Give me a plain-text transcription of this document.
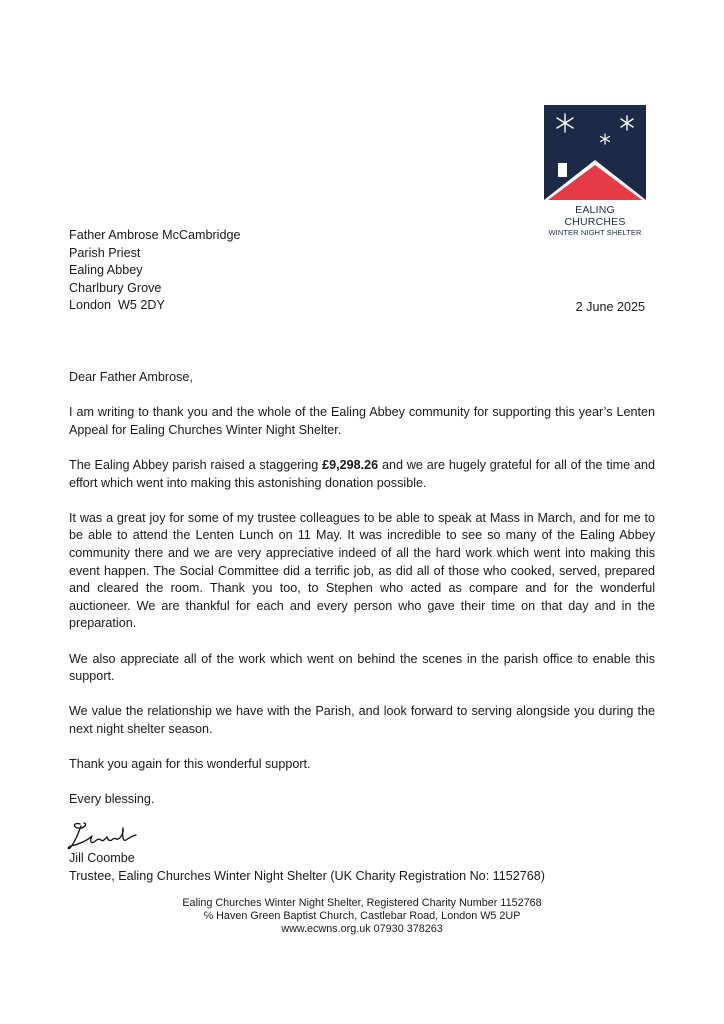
EALING CHURCHES
WINTER NIGHT SHELTER
Father Ambrose McCambridge
Parish Priest
Ealing Abbey
Charlbury Grove
London  W5 2DY	2 June 2025

Dear Father Ambrose,

I am writing to thank you and the whole of the Ealing Abbey community for supporting this year’s Lenten Appeal for Ealing Churches Winter Night Shelter.

The Ealing Abbey parish raised a staggering £9,298.26 and we are hugely grateful for all of the time and effort which went into making this astonishing donation possible.

It was a great joy for some of my trustee colleagues to be able to speak at Mass in March, and for me to be able to attend the Lenten Lunch on 11 May. It was incredible to see so many of the Ealing Abbey community there and we are very appreciative indeed of all the hard work which went into making this event happen. The Social Committee did a terrific job, as did all of those who cooked, served, prepared and cleared the room. Thank you too, to Stephen who acted as compare and for the wonderful auctioneer. We are thankful for each and every person who gave their time on that day and in the preparation.

We also appreciate all of the work which went on behind the scenes in the parish office to enable this support.

We value the relationship we have with the Parish, and look forward to serving alongside you during the next night shelter season.

Thank you again for this wonderful support.

Every blessing.

Jill Coombe
Trustee, Ealing Churches Winter Night Shelter (UK Charity Registration No: 1152768)
Ealing Churches Winter Night Shelter, Registered Charity Number 1152768
℅ Haven Green Baptist Church, Castlebar Road, London W5 2UP
www.ecwns.org.uk 07930 378263
